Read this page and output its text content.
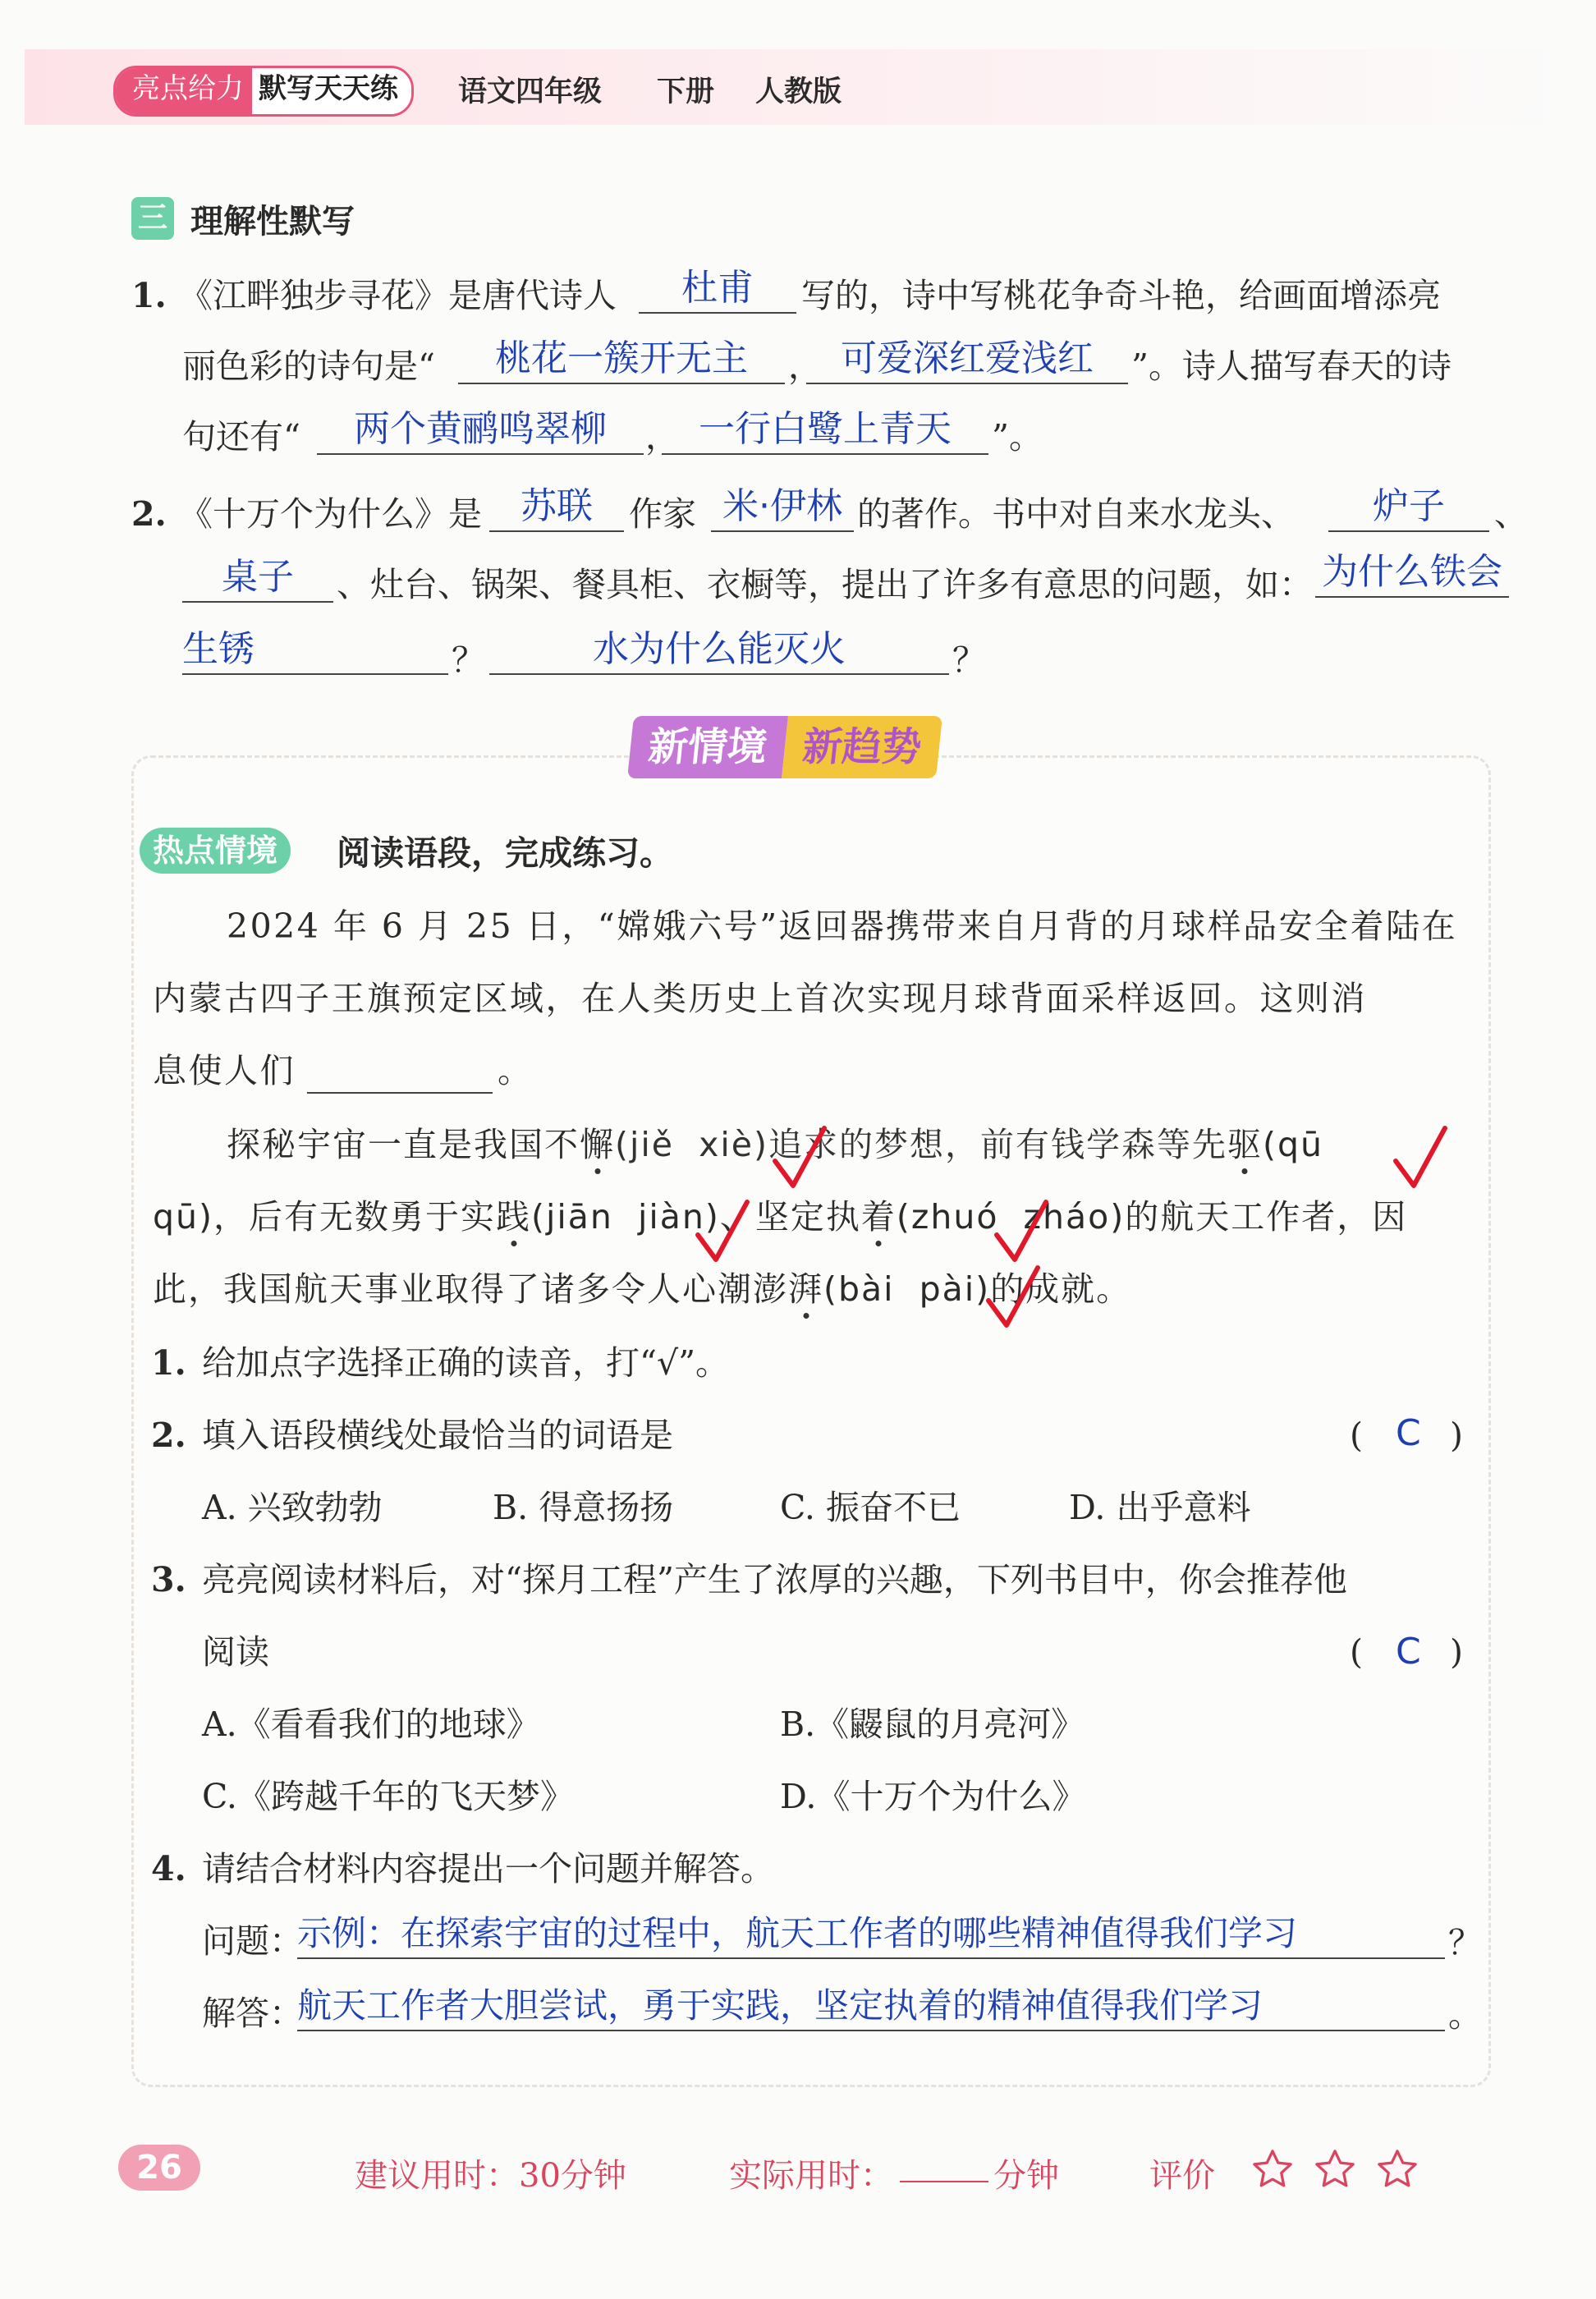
亮点给力 默写天天练	语文四年级 下册 人教版
三 理解性默写
1. 《江畔独步寻花》是唐代诗人	杜甫	写的，诗中写桃花争奇斗艳，给画面增添亮
丽色彩的诗句是“	桃花一簇开无主	， 可爱深红爱浅红	”。诗人描写春天的诗
句还有“	两个黄鹂鸣翠柳	， 一行白鹭上青天	”。
2. 《十万个为什么》是	苏联	作家 米·伊林 的著作。书中对自来水龙头、	炉子	、
桌子	、灶台、锅架、餐具柜、衣橱等，提出了许多有意思的问题，如： 为什么铁会
生锈	？	水为什么能灭火	？
新情境 新趋势
热点情境	阅读语段，完成练习。
2024 年 6 月 25 日，“嫦娥六号”返回器携带来自月背的月球样品安全着陆在
内蒙古四子王旗预定区域，在人类历史上首次实现月球背面采样返回。这则消
息使人们	。
探秘宇宙一直是我国不懈(jiě xiè)追求的梦想，前有钱学森等先驱(qū
qū)，后有无数勇于实践(jiān jiàn)、坚定执着(zhuó zháo)的航天工作者，因
此，我国航天事业取得了诸多令人心潮澎湃(bài pài)的成就。
1. 给加点字选择正确的读音，打“√”。
2. 填入语段横线处最恰当的词语是	( C )
A. 兴致勃勃	B. 得意扬扬	C. 振奋不已	D. 出乎意料
3. 亮亮阅读材料后，对“探月工程”产生了浓厚的兴趣，下列书目中，你会推荐他
阅读	( C )
A.《看看我们的地球》	B.《鼹鼠的月亮河》
C.《跨越千年的飞天梦》	D.《十万个为什么》
4. 请结合材料内容提出一个问题并解答。
问题：
示例：在探索宇宙的过程中，航天工作者的哪些精神值得我们学习	？
解答：
航天工作者大胆尝试，勇于实践，坚定执着的精神值得我们学习	。
26	建议用时：30分钟	实际用时：	分钟	评价
